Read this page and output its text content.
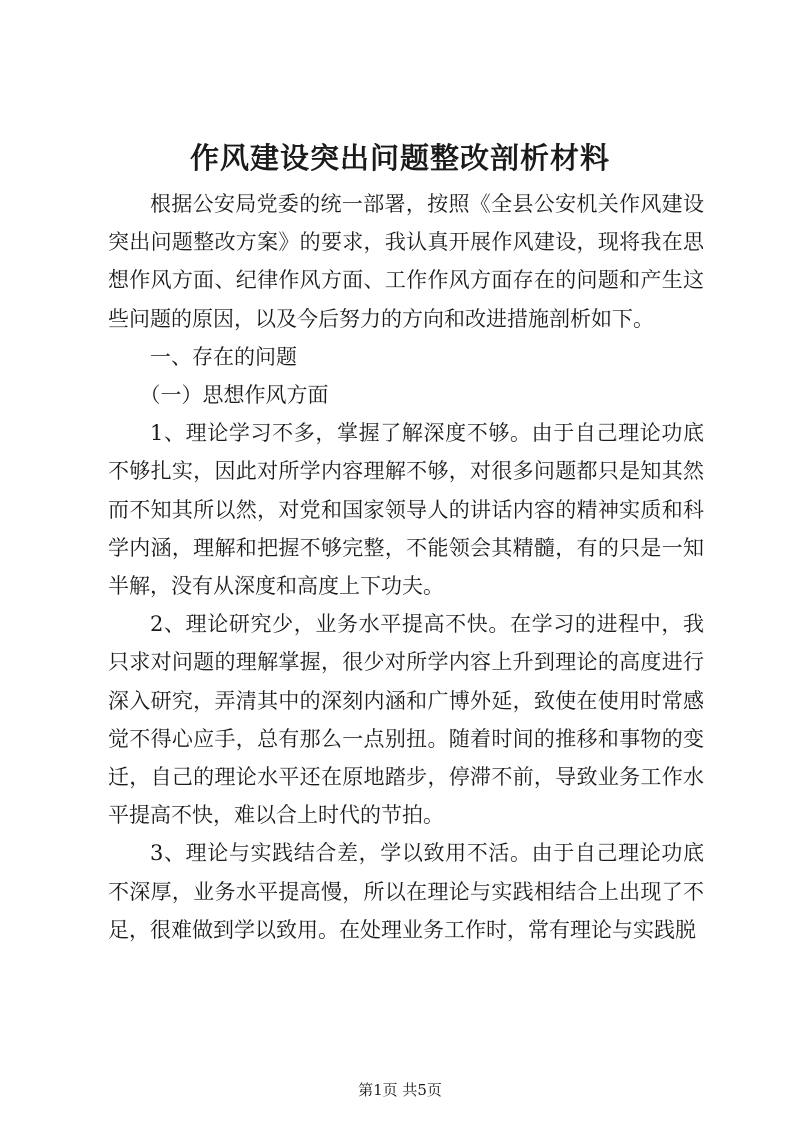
作风建设突出问题整改剖析材料

根据公安局党委的统一部署，按照《全县公安机关作风建设突出问题整改方案》的要求，我认真开展作风建设，现将我在思想作风方面、纪律作风方面、工作作风方面存在的问题和产生这些问题的原因，以及今后努力的方向和改进措施剖析如下。

一、存在的问题

（一）思想作风方面

1、理论学习不多，掌握了解深度不够。由于自己理论功底不够扎实，因此对所学内容理解不够，对很多问题都只是知其然而不知其所以然，对党和国家领导人的讲话内容的精神实质和科学内涵，理解和把握不够完整，不能领会其精髓，有的只是一知半解，没有从深度和高度上下功夫。

2、理论研究少，业务水平提高不快。在学习的进程中，我只求对问题的理解掌握，很少对所学内容上升到理论的高度进行深入研究，弄清其中的深刻内涵和广博外延，致使在使用时常感觉不得心应手，总有那么一点别扭。随着时间的推移和事物的变迁，自己的理论水平还在原地踏步，停滞不前，导致业务工作水平提高不快，难以合上时代的节拍。

3、理论与实践结合差，学以致用不活。由于自己理论功底不深厚，业务水平提高慢，所以在理论与实践相结合上出现了不足，很难做到学以致用。在处理业务工作时，常有理论与实践脱

第1页 共5页
